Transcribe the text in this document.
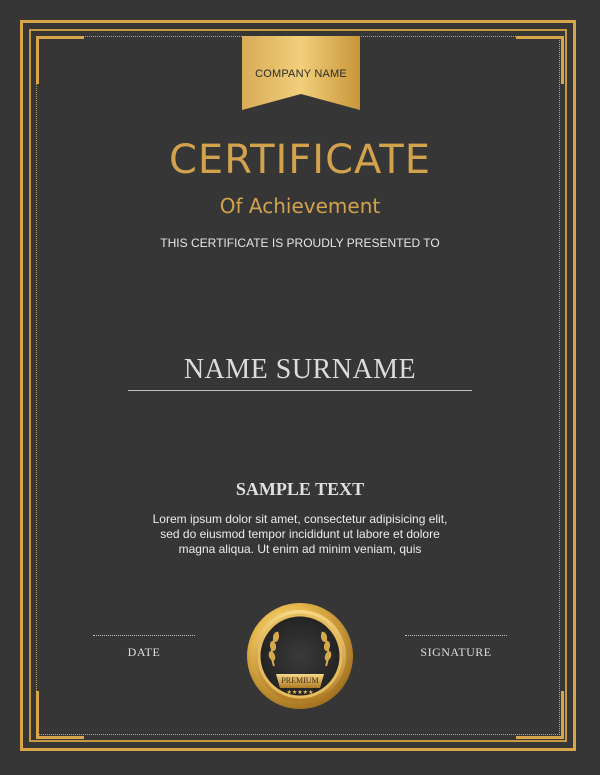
COMPANY NAME
CERTIFICATE
Of Achievement
THIS CERTIFICATE IS PROUDLY PRESENTED TO
NAME SURNAME
SAMPLE TEXT
Lorem ipsum dolor sit amet, consectetur adipisicing elit, sed do eiusmod tempor incididunt ut labore et dolore magna aliqua. Ut enim ad minim veniam, quis
DATE	SIGNATURE
PREMIUM
★★★★★
